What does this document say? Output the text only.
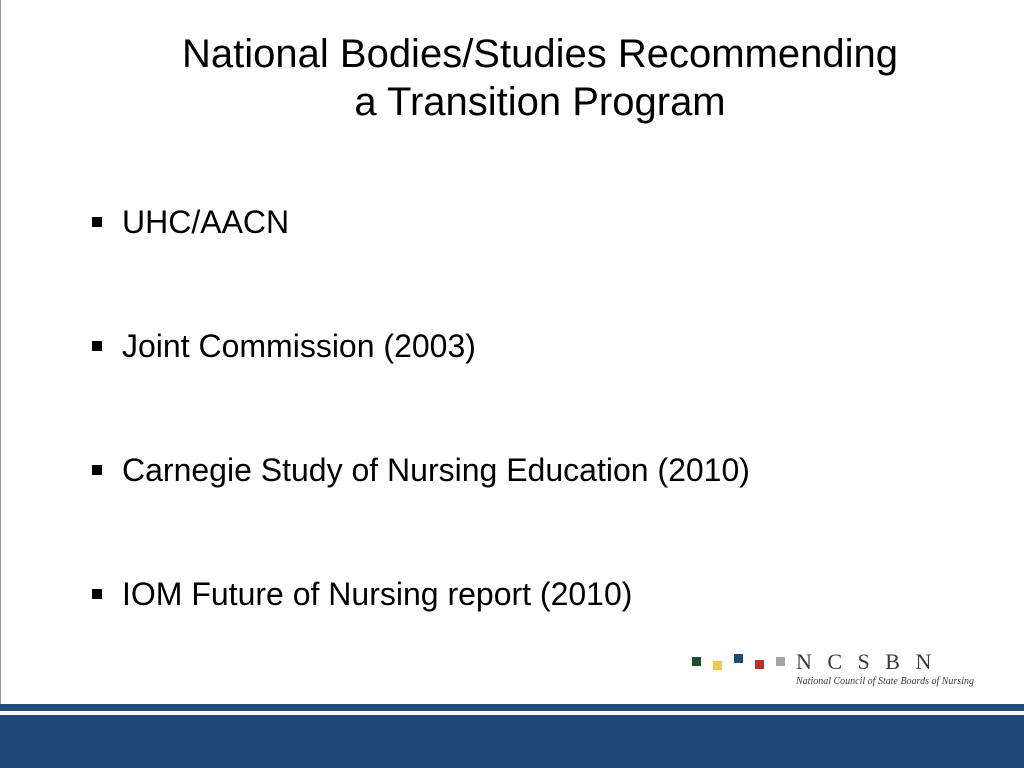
National Bodies/Studies Recommending
a Transition Program
UHC/AACN
Joint Commission (2003)
Carnegie Study of Nursing Education (2010)
IOM Future of Nursing report (2010)
N C S B N
National Council of State Boards of Nursing
